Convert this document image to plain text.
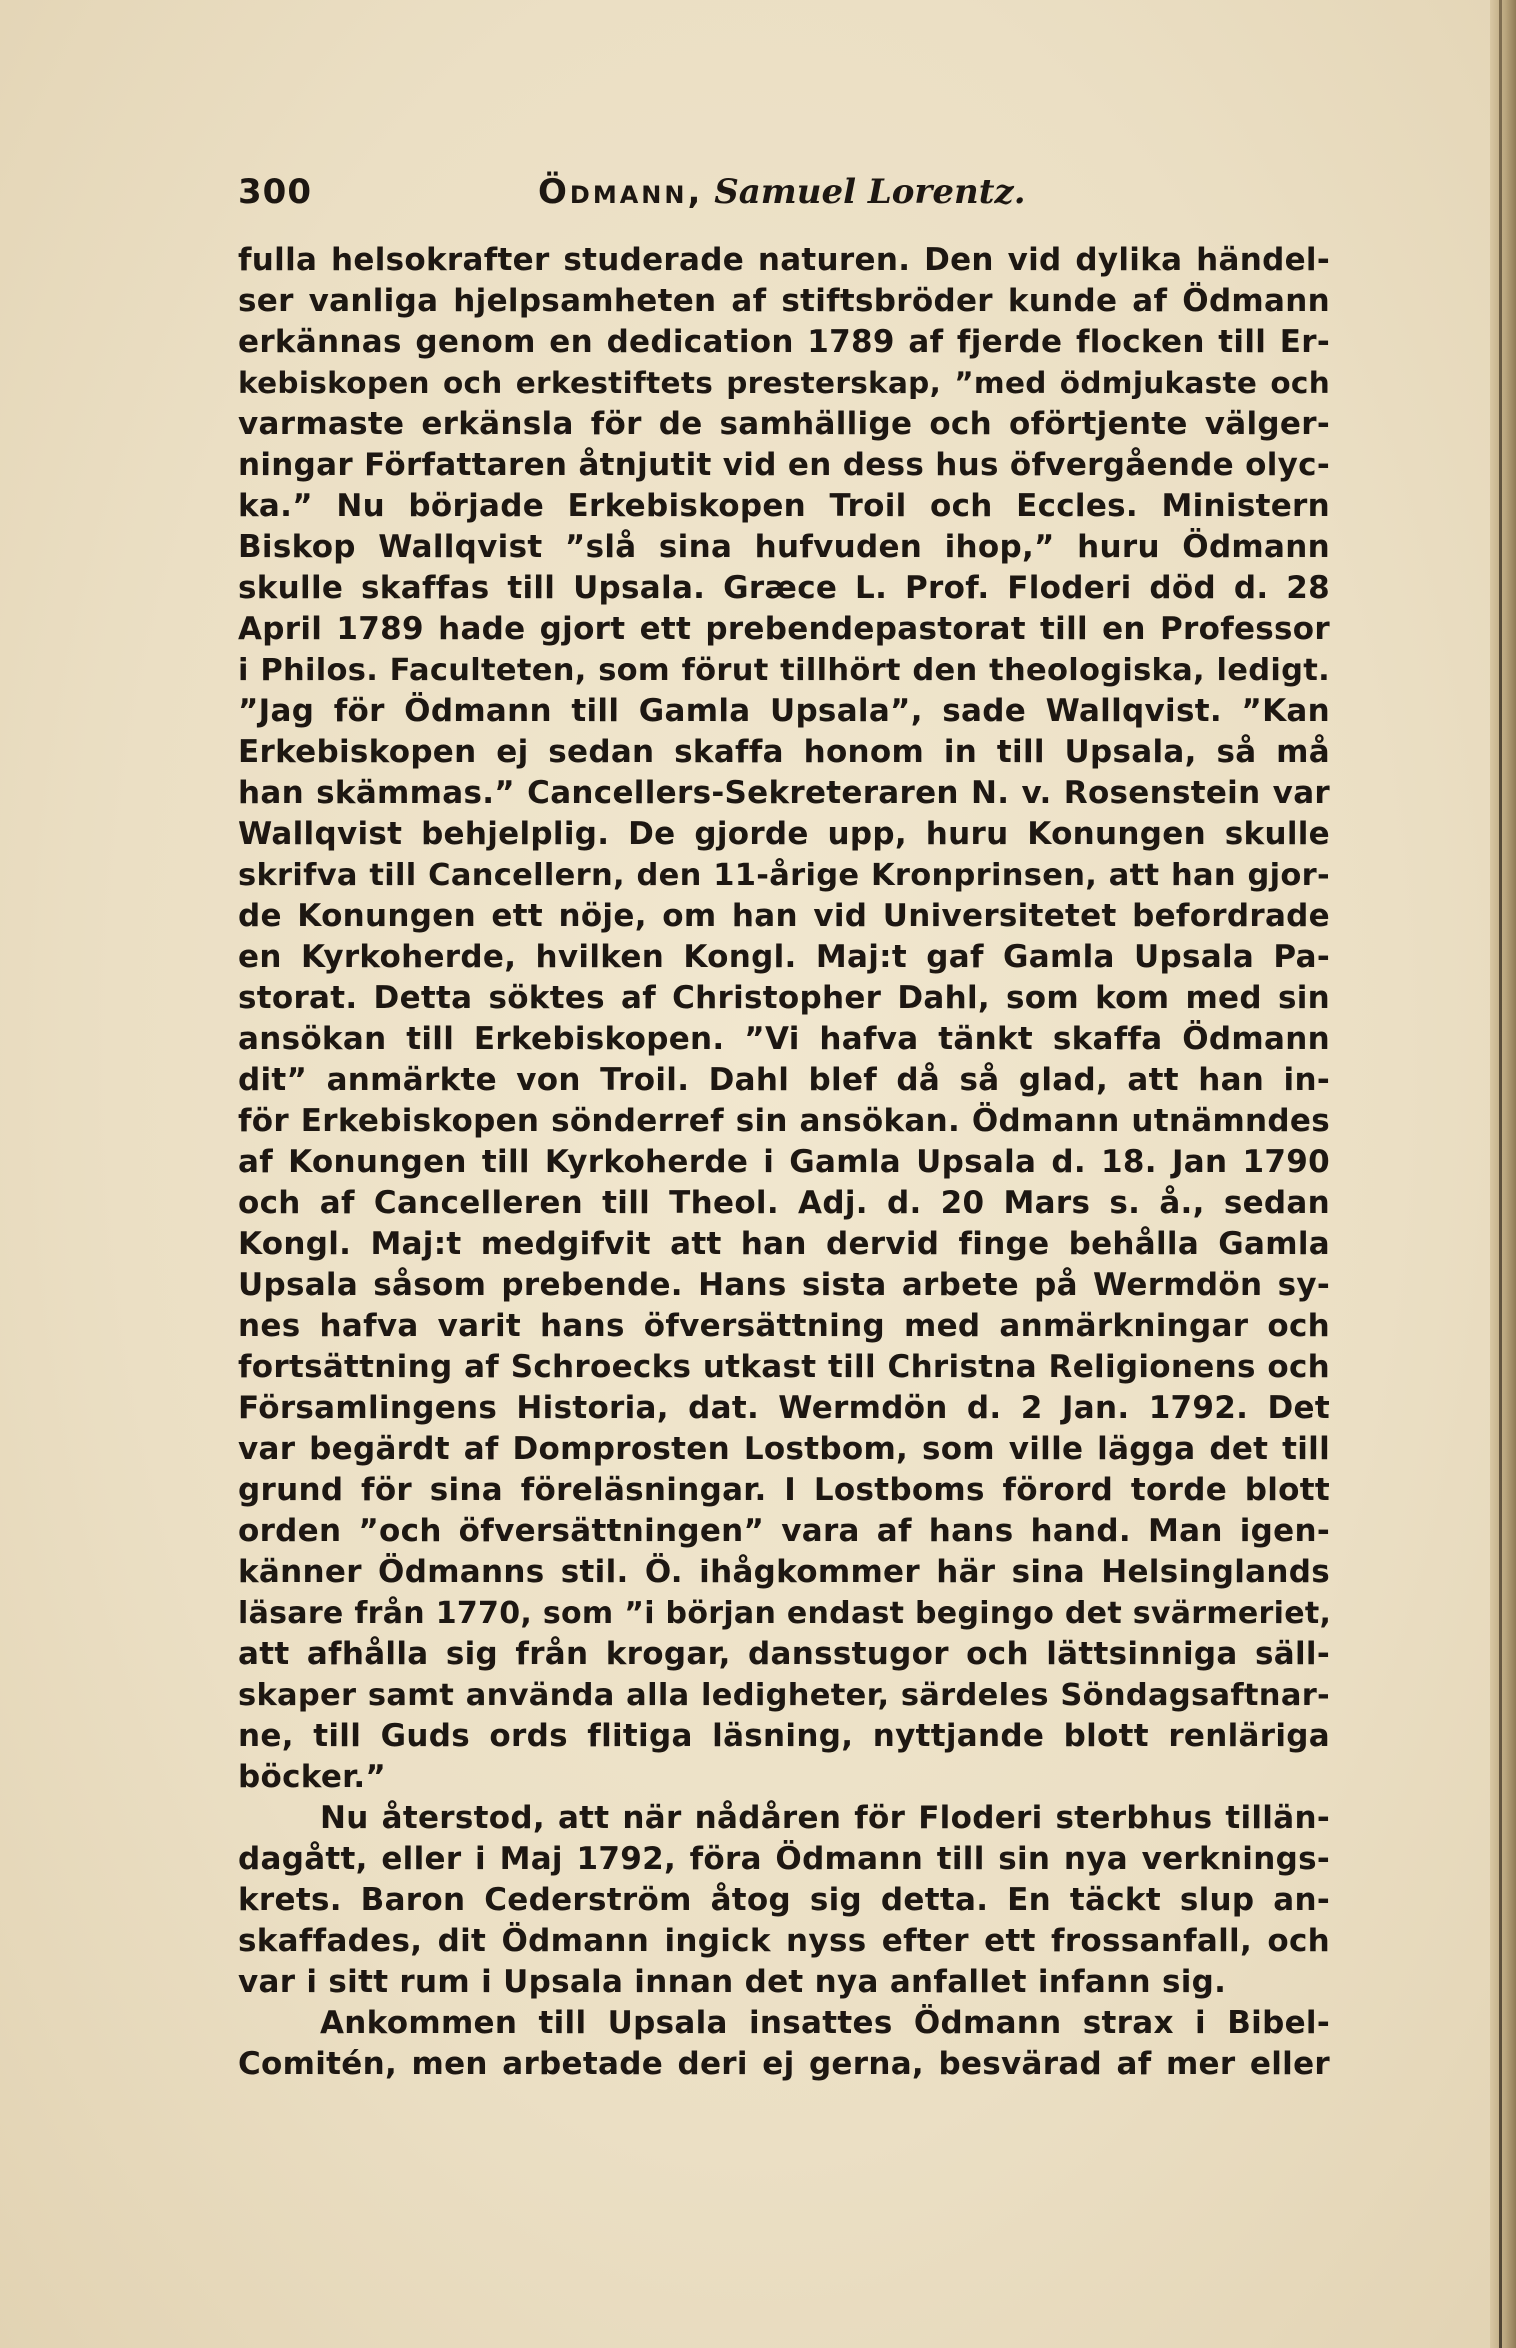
300	Ödmann, Samuel Lorentz.
fulla helsokrafter studerade naturen. Den vid dylika händel-
ser vanliga hjelpsamheten af stiftsbröder kunde af Ödmann
erkännas genom en dedication 1789 af fjerde flocken till Er-
kebiskopen och erkestiftets presterskap, ”med ödmjukaste och
varmaste erkänsla för de samhällige och oförtjente välger-
ningar Författaren åtnjutit vid en dess hus öfvergående olyc-
ka.” Nu började Erkebiskopen Troil och Eccles. Ministern
Biskop Wallqvist ”slå sina hufvuden ihop,” huru Ödmann
skulle skaffas till Upsala. Græce L. Prof. Floderi död d. 28
April 1789 hade gjort ett prebendepastorat till en Professor
i Philos. Faculteten, som förut tillhört den theologiska, ledigt.
”Jag för Ödmann till Gamla Upsala”, sade Wallqvist. ”Kan
Erkebiskopen ej sedan skaffa honom in till Upsala, så må
han skämmas.” Cancellers-Sekreteraren N. v. Rosenstein var
Wallqvist behjelplig. De gjorde upp, huru Konungen skulle
skrifva till Cancellern, den 11-årige Kronprinsen, att han gjor-
de Konungen ett nöje, om han vid Universitetet befordrade
en Kyrkoherde, hvilken Kongl. Maj:t gaf Gamla Upsala Pa-
storat. Detta söktes af Christopher Dahl, som kom med sin
ansökan till Erkebiskopen. ”Vi hafva tänkt skaffa Ödmann
dit” anmärkte von Troil. Dahl blef då så glad, att han in-
för Erkebiskopen sönderref sin ansökan. Ödmann utnämndes
af Konungen till Kyrkoherde i Gamla Upsala d. 18. Jan 1790
och af Cancelleren till Theol. Adj. d. 20 Mars s. å., sedan
Kongl. Maj:t medgifvit att han dervid finge behålla Gamla
Upsala såsom prebende. Hans sista arbete på Wermdön sy-
nes hafva varit hans öfversättning med anmärkningar och
fortsättning af Schroecks utkast till Christna Religionens och
Församlingens Historia, dat. Wermdön d. 2 Jan. 1792. Det
var begärdt af Domprosten Lostbom, som ville lägga det till
grund för sina föreläsningar. I Lostboms förord torde blott
orden ”och öfversättningen” vara af hans hand. Man igen-
känner Ödmanns stil. Ö. ihågkommer här sina Helsinglands
läsare från 1770, som ”i början endast begingo det svärmeriet,
att afhålla sig från krogar, dansstugor och lättsinniga säll-
skaper samt använda alla ledigheter, särdeles Söndagsaftnar-
ne, till Guds ords flitiga läsning, nyttjande blott renläriga
böcker.”
Nu återstod, att när nådåren för Floderi sterbhus tillän-
dagått, eller i Maj 1792, föra Ödmann till sin nya verknings-
krets. Baron Cederström åtog sig detta. En täckt slup an-
skaffades, dit Ödmann ingick nyss efter ett frossanfall, och
var i sitt rum i Upsala innan det nya anfallet infann sig.
Ankommen till Upsala insattes Ödmann strax i Bibel-
Comitén, men arbetade deri ej gerna, besvärad af mer eller
